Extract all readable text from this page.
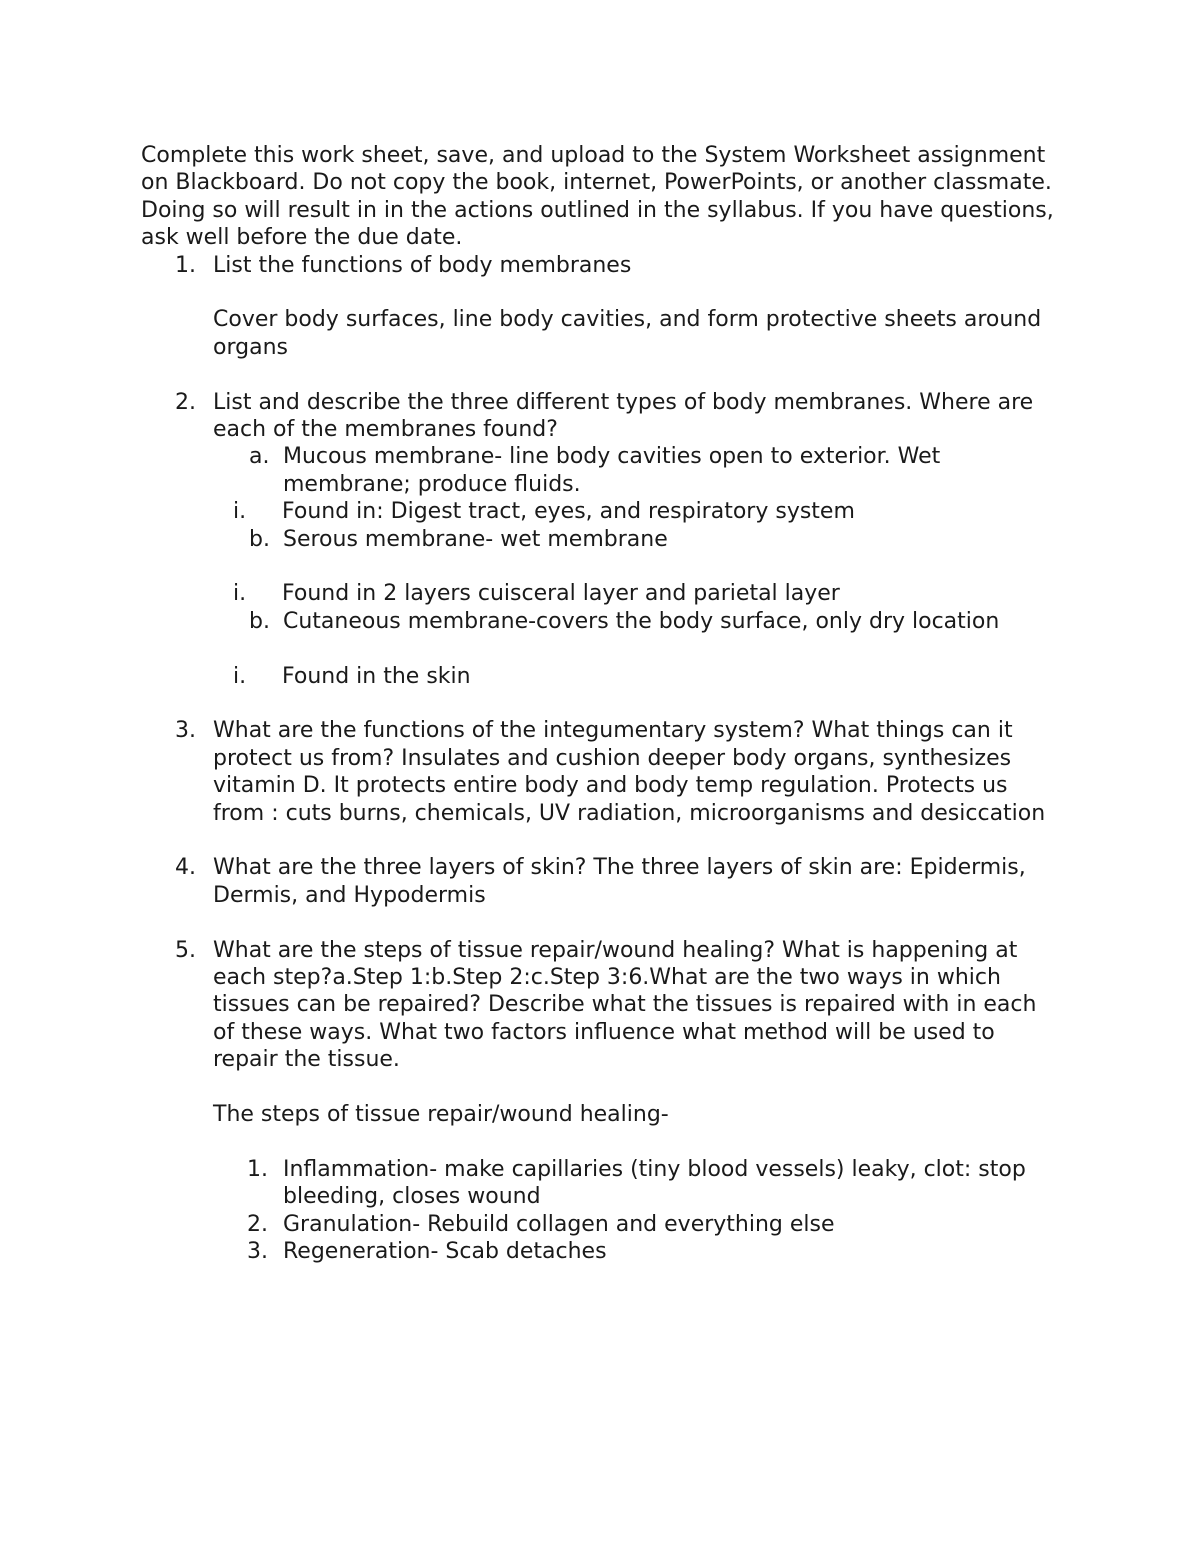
Complete this work sheet, save, and upload to the System Worksheet assignment on Blackboard. Do not copy the book, internet, PowerPoints, or another classmate. Doing so will result in in the actions outlined in the syllabus. If you have questions, ask well before the due date.

1. List the functions of body membranes

Cover body surfaces, line body cavities, and form protective sheets around organs

2. List and describe the three different types of body membranes. Where are each of the membranes found?

a. Mucous membrane- line body cavities open to exterior. Wet membrane; produce fluids.

i. Found in: Digest tract, eyes, and respiratory system

b. Serous membrane- wet membrane

i. Found in 2 layers cuisceral layer and parietal layer

b. Cutaneous membrane-covers the body surface, only dry location

i. Found in the skin

3. What are the functions of the integumentary system? What things can it protect us from? Insulates and cushion deeper body organs, synthesizes vitamin D. It protects entire body and body temp regulation. Protects us from : cuts burns, chemicals, UV radiation, microorganisms and desiccation

4. What are the three layers of skin? The three layers of skin are: Epidermis, Dermis, and Hypodermis

5. What are the steps of tissue repair/wound healing? What is happening at each step?a.Step 1:b.Step 2:c.Step 3:6.What are the two ways in which tissues can be repaired? Describe what the tissues is repaired with in each of these ways. What two factors influence what method will be used to repair the tissue.

The steps of tissue repair/wound healing-

1. Inflammation- make capillaries (tiny blood vessels) leaky, clot: stop bleeding, closes wound

2. Granulation- Rebuild collagen and everything else

3. Regeneration- Scab detaches
